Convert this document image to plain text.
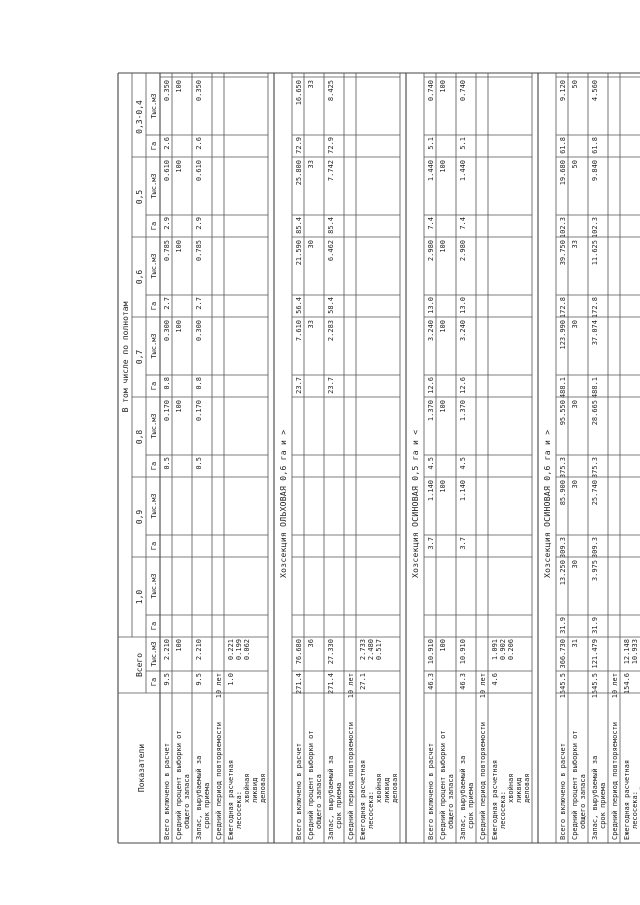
Показатели
Всего
В том числе по полнотам
1,0
Га
Тыс.м3
0,9
Га
Тыс.м3
0,8
Га
Тыс.м3
0,7
Га
Тыс.м3
0,6
Га
Тыс.м3
0,5
Га
Тыс.м3
0,3-0,4
Га
Тыс.м3
Га
Тыс.м3
Всего включено в расчет
9.5
2.210
0.5
0.170
0.8
0.300
2.7
0.785
2.9
0.610
2.6
0.350
Средний процент выборки от общего запаса
100
100
100
100
100
100
Запас, вырубаемый за срок приема
9.5
2.210
0.5
0.170
0.8
0.300
2.7
0.785
2.9
0.610
2.6
0.350
Средний период повторяемости
10 лет
Ежегодная расчетная лесосека:
хвойная ликвид деловая
1.0
0.221 0.199 0.062
Хозсекция ОЛЬХОВАЯ 0,6 га и >
Всего включено в расчет
271.4
76.680
23.7
7.610
56.4
21.590
85.4
25.800
72.9
16.650
Средний процент выборки от общего запаса
36
33
30
33
33
Запас, вырубаемый за срок приема
271.4
27.330
23.7
2.283
58.4
6.462
85.4
7.742
72.9
8.425
Средний период повторяемости
10 лет
Ежегодная расчетная лесосека:
хвойная ликвид деловая
27.1
2.733 2.480 0.517
Хозсекция ОСИНОВАЯ 0,5 га и <
Всего включено в расчет
46.3
10.910
3.7
1.140
4.5
1.370
12.6
3.240
13.0
2.980
7.4
1.440
5.1
0.740
Средний процент выборки от общего запаса
100
100
100
100
100
100
100
Запас, вырубаемый за срок приема
46.3
10.910
3.7
1.140
4.5
1.370
12.6
3.240
13.0
2.980
7.4
1.440
5.1
0.740
Средний период повторяемости
10 лет
Ежегодная расчетная лесосека:
хвойная ликвид деловая
4.6
1.091 0.902 0.206
Хозсекция ОСИНОВАЯ 0,6 га и >
Всего включено в расчет
1545.5
366.730
31.9
13.250
309.3
85.900
375.3
95.550
488.1
123.990
172.8
39.750
102.3
19.680
61.8
9.120
Средний процент выборки от общего запаса
31
30
30
30
30
33
50
50
Запас, вырубаемый за срок приема
1545.5
121.479
31.9
3.975
309.3
25.740
375.3
28.665
488.1
37.074
172.8
11.625
102.3
9.840
61.8
4.560
Средний период повторяемости
10 лет
Ежегодная расчетная лесосека:
154.6
12.148 10.933
